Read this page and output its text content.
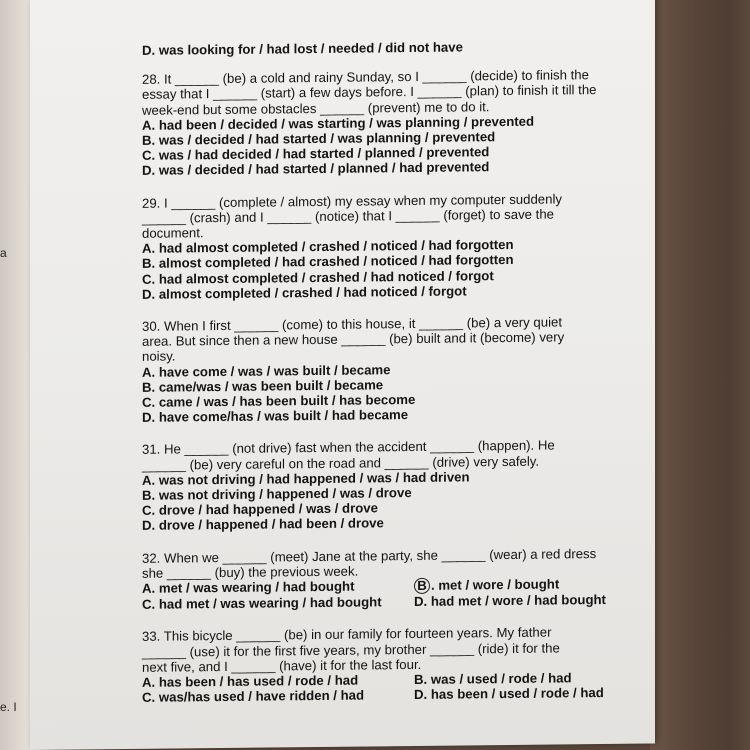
a
e. I
D. was looking for / had lost / needed / did not have
28. It ______ (be) a cold and rainy Sunday, so I ______ (decide) to finish the
essay that I ______ (start) a few days before. I ______ (plan) to finish it till the
week-end but some obstacles ______ (prevent) me to do it.
A. had been / decided / was starting / was planning / prevented
B. was / decided / had started / was planning / prevented
C. was / had decided / had started / planned / prevented
D. was / decided / had started / planned / had prevented
29. I ______ (complete / almost) my essay when my computer suddenly
______ (crash) and I ______ (notice) that I ______ (forget) to save the
document.
A. had almost completed / crashed / noticed / had forgotten
B. almost completed / had crashed / noticed / had forgotten
C. had almost completed / crashed / had noticed / forgot
D. almost completed / crashed / had noticed / forgot
30. When I first ______ (come) to this house, it ______ (be) a very quiet
area. But since then a new house ______ (be) built and it (become) very
noisy.
A. have come / was / was built / became
B. came/was / was been built / became
C. came / was / has been built / has become
D. have come/has / was built / had became
31. He ______ (not drive) fast when the accident ______ (happen). He
______ (be) very careful on the road and ______ (drive) very safely.
A. was not driving / had happened / was / had driven
B. was not driving / happened / was / drove
C. drove / had happened / was / drove
D. drove / happened / had been / drove
32. When we ______ (meet) Jane at the party, she ______ (wear) a red dress
she ______ (buy) the previous week.
A. met / was wearing / had bought	B . met / wore / bought
C. had met / was wearing / had bought	D. had met / wore / had bought
33. This bicycle ______ (be) in our family for fourteen years. My father
______ (use) it for the first five years, my brother ______ (ride) it for the
next five, and I ______ (have) it for the last four.
A. has been / has used / rode / had	B. was / used / rode / had
C. was/has used / have ridden / had	D. has been / used / rode / had
